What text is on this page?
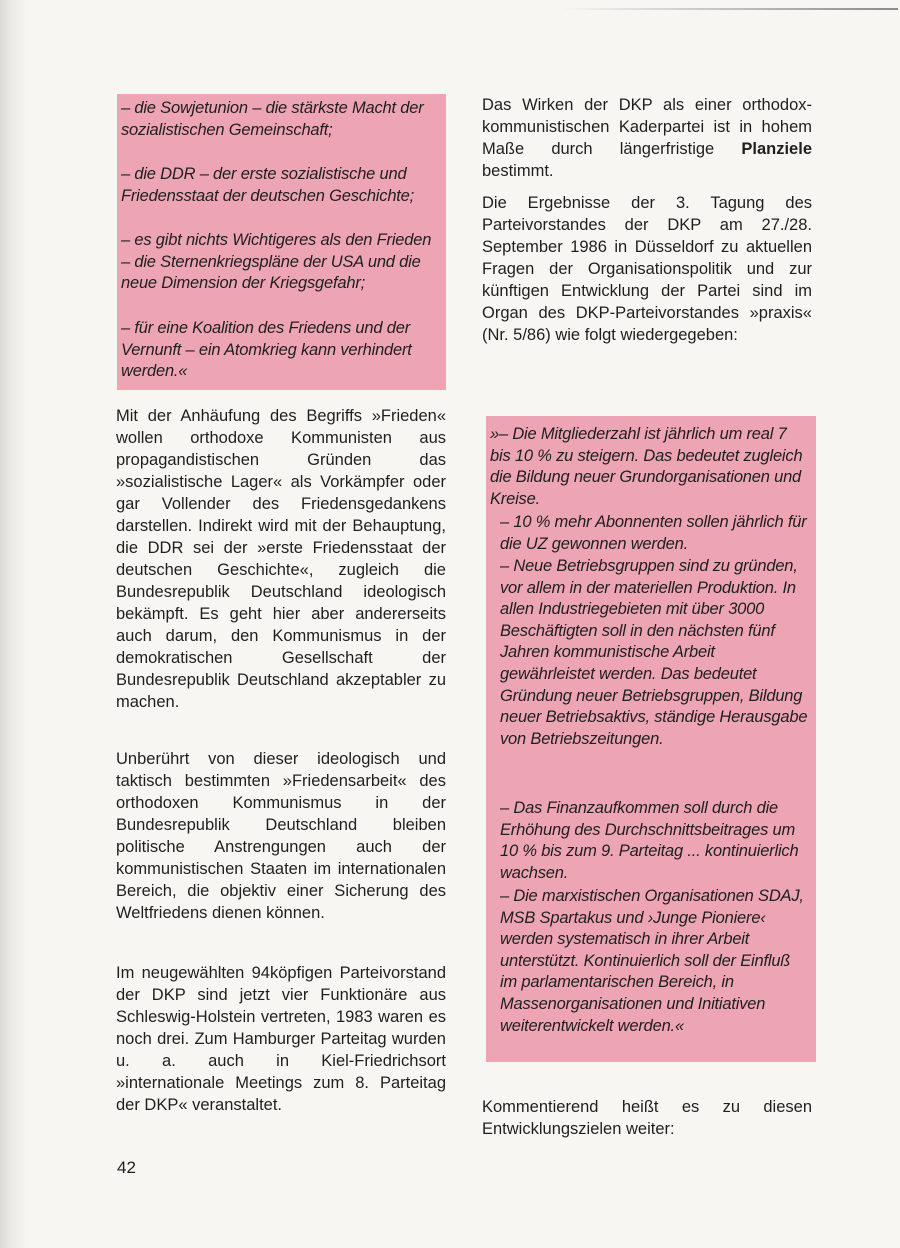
– die Sowjetunion – die stärkste Macht der sozialistischen Gemeinschaft;
– die DDR – der erste sozialistische und Friedensstaat der deutschen Geschichte;
– es gibt nichts Wichtigeres als den Frieden – die Sternenkriegspläne der USA und die neue Dimension der Kriegsgefahr;
– für eine Koalition des Friedens und der Vernunft – ein Atomkrieg kann verhindert werden.«

Mit der Anhäufung des Begriffs »Frieden« wollen orthodoxe Kommunisten aus propagandistischen Gründen das »sozialistische Lager« als Vorkämpfer oder gar Vollender des Friedensgedankens darstellen. Indirekt wird mit der Behauptung, die DDR sei der »erste Friedensstaat der deutschen Geschichte«, zugleich die Bundesrepublik Deutschland ideologisch bekämpft. Es geht hier aber andererseits auch darum, den Kommunismus in der demokratischen Gesellschaft der Bundesrepublik Deutschland akzeptabler zu machen.

Unberührt von dieser ideologisch und taktisch bestimmten »Friedensarbeit« des orthodoxen Kommunismus in der Bundesrepublik Deutschland bleiben politische Anstrengungen auch der kommunistischen Staaten im internationalen Bereich, die objektiv einer Sicherung des Weltfriedens dienen können.

Im neugewählten 94köpfigen Parteivorstand der DKP sind jetzt vier Funktionäre aus Schleswig-Holstein vertreten, 1983 waren es noch drei. Zum Hamburger Parteitag wurden u. a. auch in Kiel-Friedrichsort »internationale Meetings zum 8. Parteitag der DKP« veranstaltet.

42

Das Wirken der DKP als einer orthodox-kommunistischen Kaderpartei ist in hohem Maße durch längerfristige Planziele bestimmt.

Die Ergebnisse der 3. Tagung des Parteivorstandes der DKP am 27./28. September 1986 in Düsseldorf zu aktuellen Fragen der Organisationspolitik und zur künftigen Entwicklung der Partei sind im Organ des DKP-Parteivorstandes »praxis« (Nr. 5/86) wie folgt wiedergegeben:

»– Die Mitgliederzahl ist jährlich um real 7 bis 10 % zu steigern. Das bedeutet zugleich die Bildung neuer Grundorganisationen und Kreise.
– 10 % mehr Abonnenten sollen jährlich für die UZ gewonnen werden.
– Neue Betriebsgruppen sind zu gründen, vor allem in der materiellen Produktion. In allen Industriegebieten mit über 3000 Beschäftigten soll in den nächsten fünf Jahren kommunistische Arbeit gewährleistet werden. Das bedeutet Gründung neuer Betriebsgruppen, Bildung neuer Betriebsaktivs, ständige Herausgabe von Betriebszeitungen.
– Das Finanzaufkommen soll durch die Erhöhung des Durchschnittsbeitrages um 10 % bis zum 9. Parteitag ... kontinuierlich wachsen.
– Die marxistischen Organisationen SDAJ, MSB Spartakus und ›Junge Pioniere‹ werden systematisch in ihrer Arbeit unterstützt. Kontinuierlich soll der Einfluß im parlamentarischen Bereich, in Massenorganisationen und Initiativen weiterentwickelt werden.«

Kommentierend heißt es zu diesen Entwicklungszielen weiter:
